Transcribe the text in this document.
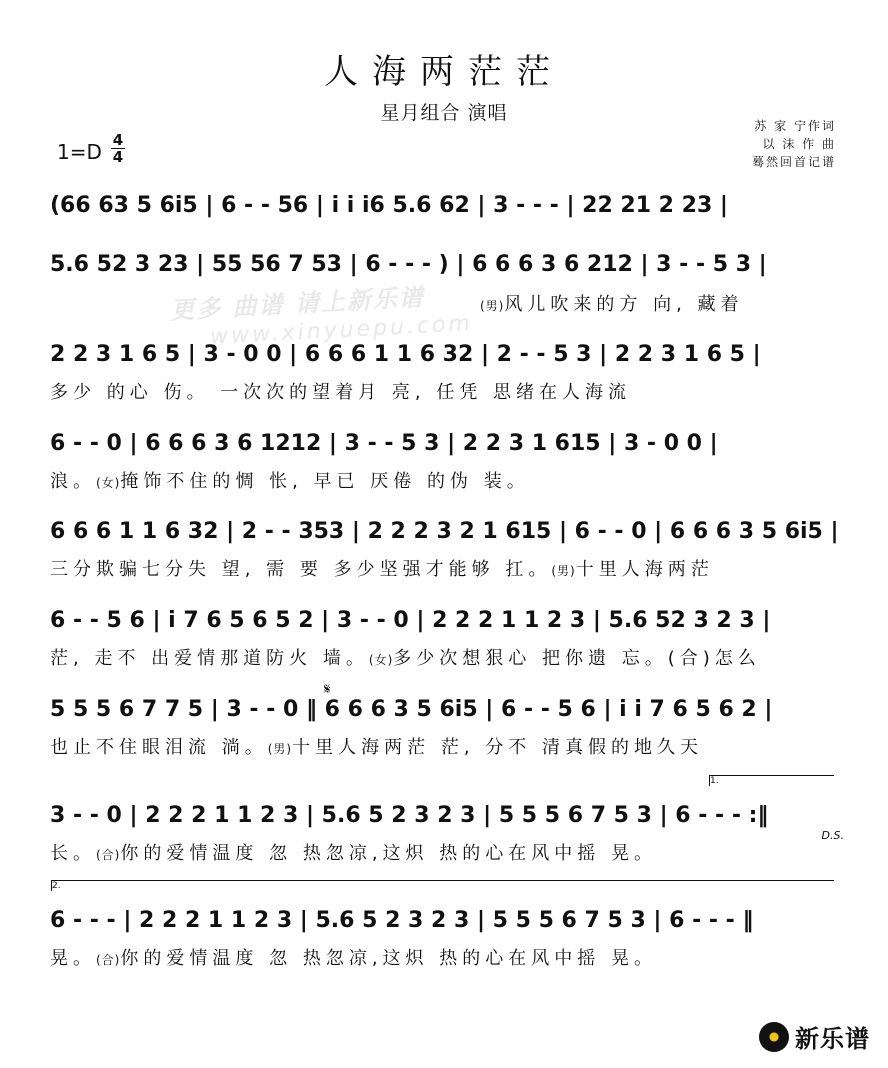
人海两茫茫
星月组合 演唱
苏 家 宁作词
以 沫 作 曲
蓦然回首记谱
1=D 4
4
更多 曲谱 请上新乐谱
www.xinyuepu.com
(66 63 5 6i5 | 6 - - 56 | i i i6 5.6 62 | 3 - - - | 22 21 2 23 |
5.6 52 3 23 | 55 56 7 53 | 6 - - - ) | 6 6 6 3 6 212 | 3 - - 5 3 |
(男)风儿吹来的方 向, 藏着
2 2 3 1 6 5 | 3 - 0 0 | 6 6 6 1 1 6 32 | 2 - - 5 3 | 2 2 3 1 6 5 |
多少 的心 伤。 一次次的望着月 亮, 任凭 思绪在人海流
6 - - 0 | 6 6 6 3 6 1212 | 3 - - 5 3 | 2 2 3 1 615 | 3 - 0 0 |
浪。(女)掩饰不住的惆 怅, 早已 厌倦 的伪 装。
6 6 6 1 1 6 32 | 2 - - 353 | 2 2 2 3 2 1 615 | 6 - - 0 | 6 6 6 3 5 6i5 |
三分欺骗七分失 望, 需 要 多少坚强才能够 扛。(男)十里人海两茫
6 - - 5 6 | i 7 6 5 6 5 2 | 3 - - 0 | 2 2 2 1 1 2 3 | 5.6 52 3 2 3 |
茫, 走不 出爱情那道防火 墙。(女)多少次想狠心 把你遗 忘。(合)怎么
𝄋
5 5 5 6 7 7 5 | 3 - - 0 ‖ 6 6 6 3 5 6i5 | 6 - - 5 6 | i i 7 6 5 6 2 |
也止不住眼泪流 淌。(男)十里人海两茫 茫, 分不 清真假的地久天
1.
3 - - 0 | 2 2 2 1 1 2 3 | 5.6 5 2 3 2 3 | 5 5 5 6 7 5 3 | 6 - - - :‖
长。(合)你的爱情温度 忽 热忽凉,这炽 热的心在风中摇 晃。
D.S.
2.
6 - - - | 2 2 2 1 1 2 3 | 5.6 5 2 3 2 3 | 5 5 5 6 7 5 3 | 6 - - - ‖
晃。(合)你的爱情温度 忽 热忽凉,这炽 热的心在风中摇 晃。
新乐谱
